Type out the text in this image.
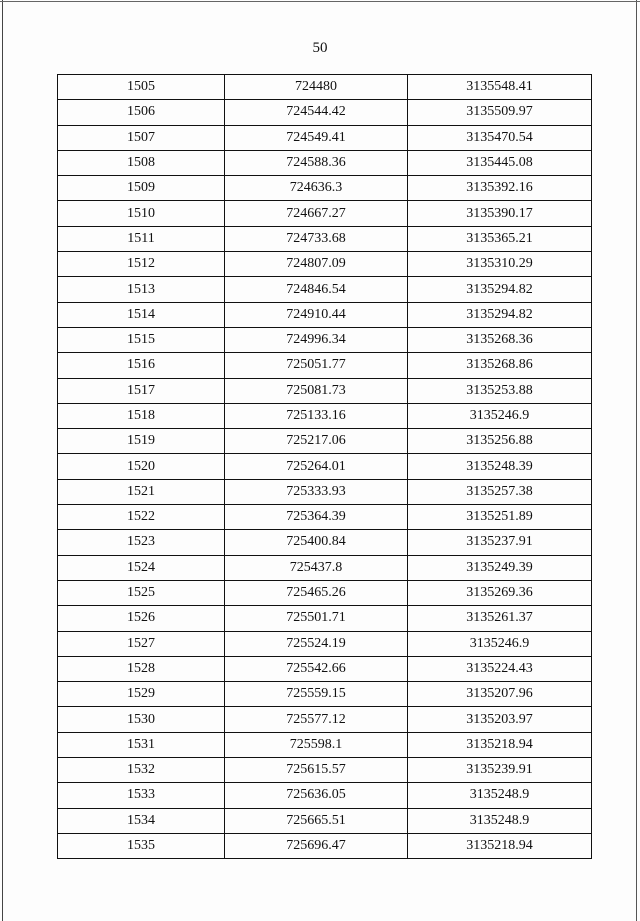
50
1505	724480	3135548.41
1506	724544.42	3135509.97
1507	724549.41	3135470.54
1508	724588.36	3135445.08
1509	724636.3	3135392.16
1510	724667.27	3135390.17
1511	724733.68	3135365.21
1512	724807.09	3135310.29
1513	724846.54	3135294.82
1514	724910.44	3135294.82
1515	724996.34	3135268.36
1516	725051.77	3135268.86
1517	725081.73	3135253.88
1518	725133.16	3135246.9
1519	725217.06	3135256.88
1520	725264.01	3135248.39
1521	725333.93	3135257.38
1522	725364.39	3135251.89
1523	725400.84	3135237.91
1524	725437.8	3135249.39
1525	725465.26	3135269.36
1526	725501.71	3135261.37
1527	725524.19	3135246.9
1528	725542.66	3135224.43
1529	725559.15	3135207.96
1530	725577.12	3135203.97
1531	725598.1	3135218.94
1532	725615.57	3135239.91
1533	725636.05	3135248.9
1534	725665.51	3135248.9
1535	725696.47	3135218.94
